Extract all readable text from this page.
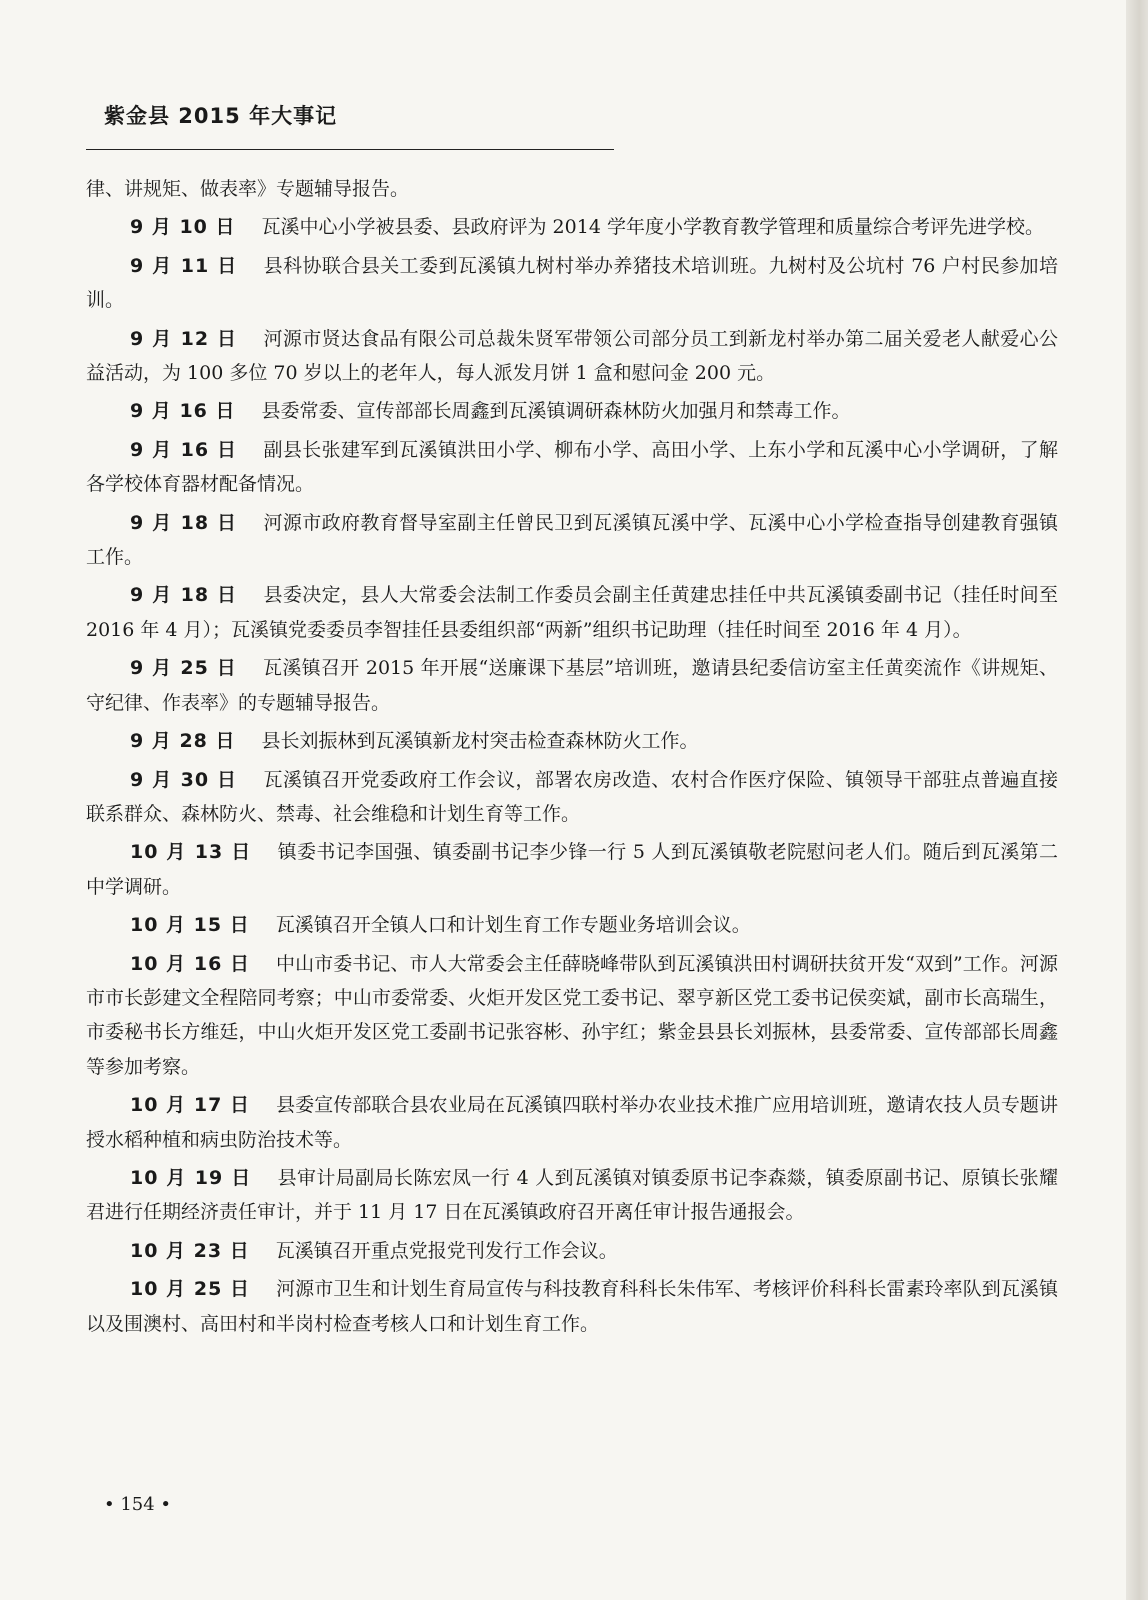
紫金县 2015 年大事记

律、讲规矩、做表率》专题辅导报告。

9 月 10 日 瓦溪中心小学被县委、县政府评为 2014 学年度小学教育教学管理和质量综合考评先进学校。

9 月 11 日 县科协联合县关工委到瓦溪镇九树村举办养猪技术培训班。九树村及公坑村 76 户村民参加培训。

9 月 12 日 河源市贤达食品有限公司总裁朱贤军带领公司部分员工到新龙村举办第二届关爱老人献爱心公益活动，为 100 多位 70 岁以上的老年人，每人派发月饼 1 盒和慰问金 200 元。

9 月 16 日 县委常委、宣传部部长周鑫到瓦溪镇调研森林防火加强月和禁毒工作。

9 月 16 日 副县长张建军到瓦溪镇洪田小学、柳布小学、高田小学、上东小学和瓦溪中心小学调研，了解各学校体育器材配备情况。

9 月 18 日 河源市政府教育督导室副主任曾民卫到瓦溪镇瓦溪中学、瓦溪中心小学检查指导创建教育强镇工作。

9 月 18 日 县委决定，县人大常委会法制工作委员会副主任黄建忠挂任中共瓦溪镇委副书记（挂任时间至 2016 年 4 月）；瓦溪镇党委委员李智挂任县委组织部“两新”组织书记助理（挂任时间至 2016 年 4 月）。

9 月 25 日 瓦溪镇召开 2015 年开展“送廉课下基层”培训班，邀请县纪委信访室主任黄奕流作《讲规矩、守纪律、作表率》的专题辅导报告。

9 月 28 日 县长刘振林到瓦溪镇新龙村突击检查森林防火工作。

9 月 30 日 瓦溪镇召开党委政府工作会议，部署农房改造、农村合作医疗保险、镇领导干部驻点普遍直接联系群众、森林防火、禁毒、社会维稳和计划生育等工作。

10 月 13 日 镇委书记李国强、镇委副书记李少锋一行 5 人到瓦溪镇敬老院慰问老人们。随后到瓦溪第二中学调研。

10 月 15 日 瓦溪镇召开全镇人口和计划生育工作专题业务培训会议。

10 月 16 日 中山市委书记、市人大常委会主任薛晓峰带队到瓦溪镇洪田村调研扶贫开发“双到”工作。河源市市长彭建文全程陪同考察；中山市委常委、火炬开发区党工委书记、翠亨新区党工委书记侯奕斌，副市长高瑞生，市委秘书长方维廷，中山火炬开发区党工委副书记张容彬、孙宇红；紫金县县长刘振林，县委常委、宣传部部长周鑫等参加考察。

10 月 17 日 县委宣传部联合县农业局在瓦溪镇四联村举办农业技术推广应用培训班，邀请农技人员专题讲授水稻种植和病虫防治技术等。

10 月 19 日 县审计局副局长陈宏凤一行 4 人到瓦溪镇对镇委原书记李森燚，镇委原副书记、原镇长张耀君进行任期经济责任审计，并于 11 月 17 日在瓦溪镇政府召开离任审计报告通报会。

10 月 23 日 瓦溪镇召开重点党报党刊发行工作会议。

10 月 25 日 河源市卫生和计划生育局宣传与科技教育科科长朱伟军、考核评价科科长雷素玲率队到瓦溪镇以及围澳村、高田村和半岗村检查考核人口和计划生育工作。

• 154 •
